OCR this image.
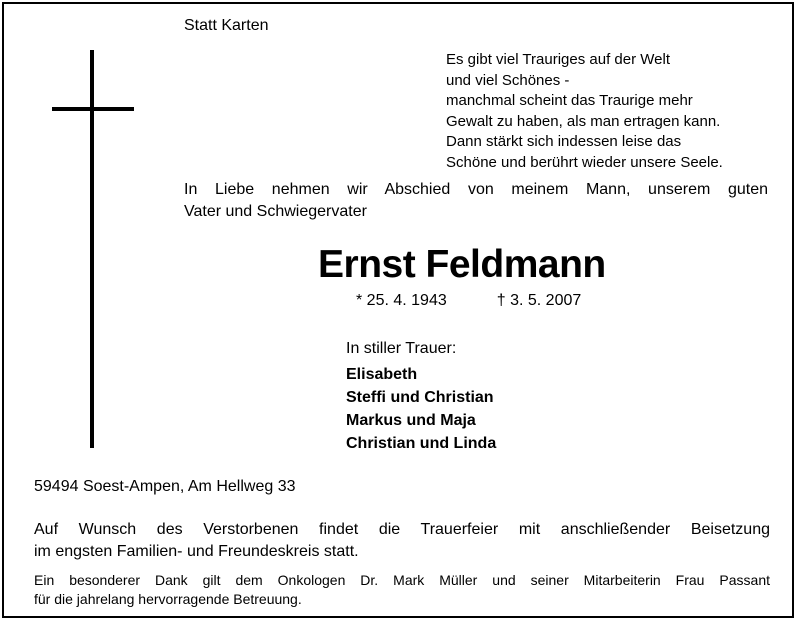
Statt Karten
Es gibt viel Trauriges auf der Welt
und viel Schönes -
manchmal scheint das Traurige mehr
Gewalt zu haben, als man ertragen kann.
Dann stärkt sich indessen leise das
Schöne und berührt wieder unsere Seele.
In Liebe nehmen wir Abschied von meinem Mann, unserem guten
Vater und Schwiegervater
Ernst Feldmann
* 25. 4. 1943	† 3. 5. 2007
In stiller Trauer:
Elisabeth
Steffi und Christian
Markus und Maja
Christian und Linda
59494 Soest-Ampen, Am Hellweg 33
Auf Wunsch des Verstorbenen findet die Trauerfeier mit anschließender Beisetzung
im engsten Familien- und Freundeskreis statt.
Ein besonderer Dank gilt dem Onkologen Dr. Mark Müller und seiner Mitarbeiterin Frau Passant
für die jahrelang hervorragende Betreuung.
